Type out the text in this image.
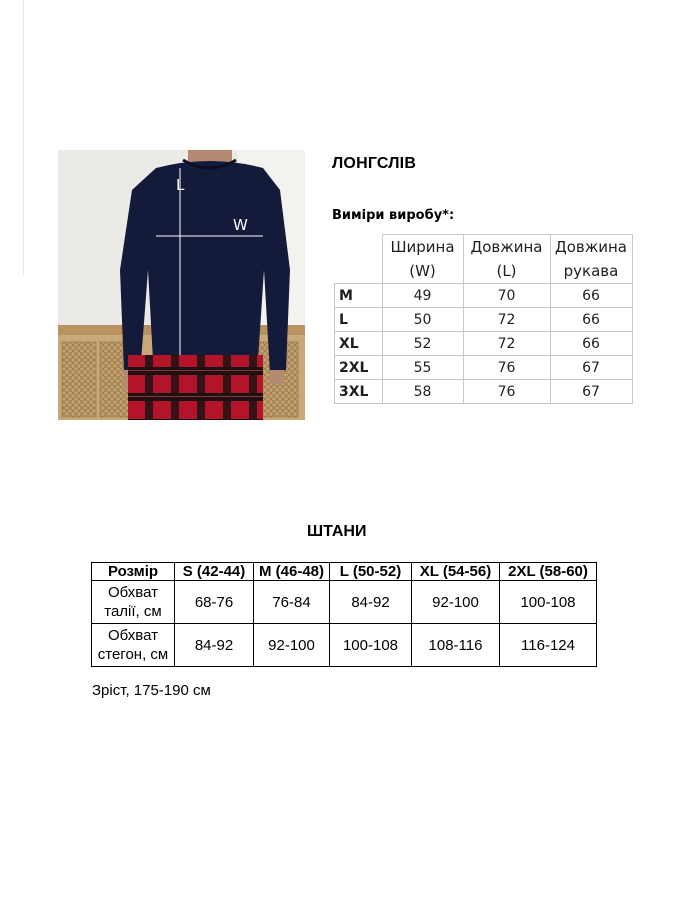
L
W
ЛОНГСЛІВ
Виміри виробу*:
	Ширина (W)	Довжина (L)	Довжина рукава
M	49	70	66
L	50	72	66
XL	52	72	66
2XL	55	76	67
3XL	58	76	67
ШТАНИ
Розмір	S (42-44)	M (46-48)	L (50-52)	XL (54-56)	2XL (58-60)
Обхват талії, см	68-76	76-84	84-92	92-100	100-108
Обхват стегон, см	84-92	92-100	100-108	108-116	116-124
Зріст, 175-190 см
